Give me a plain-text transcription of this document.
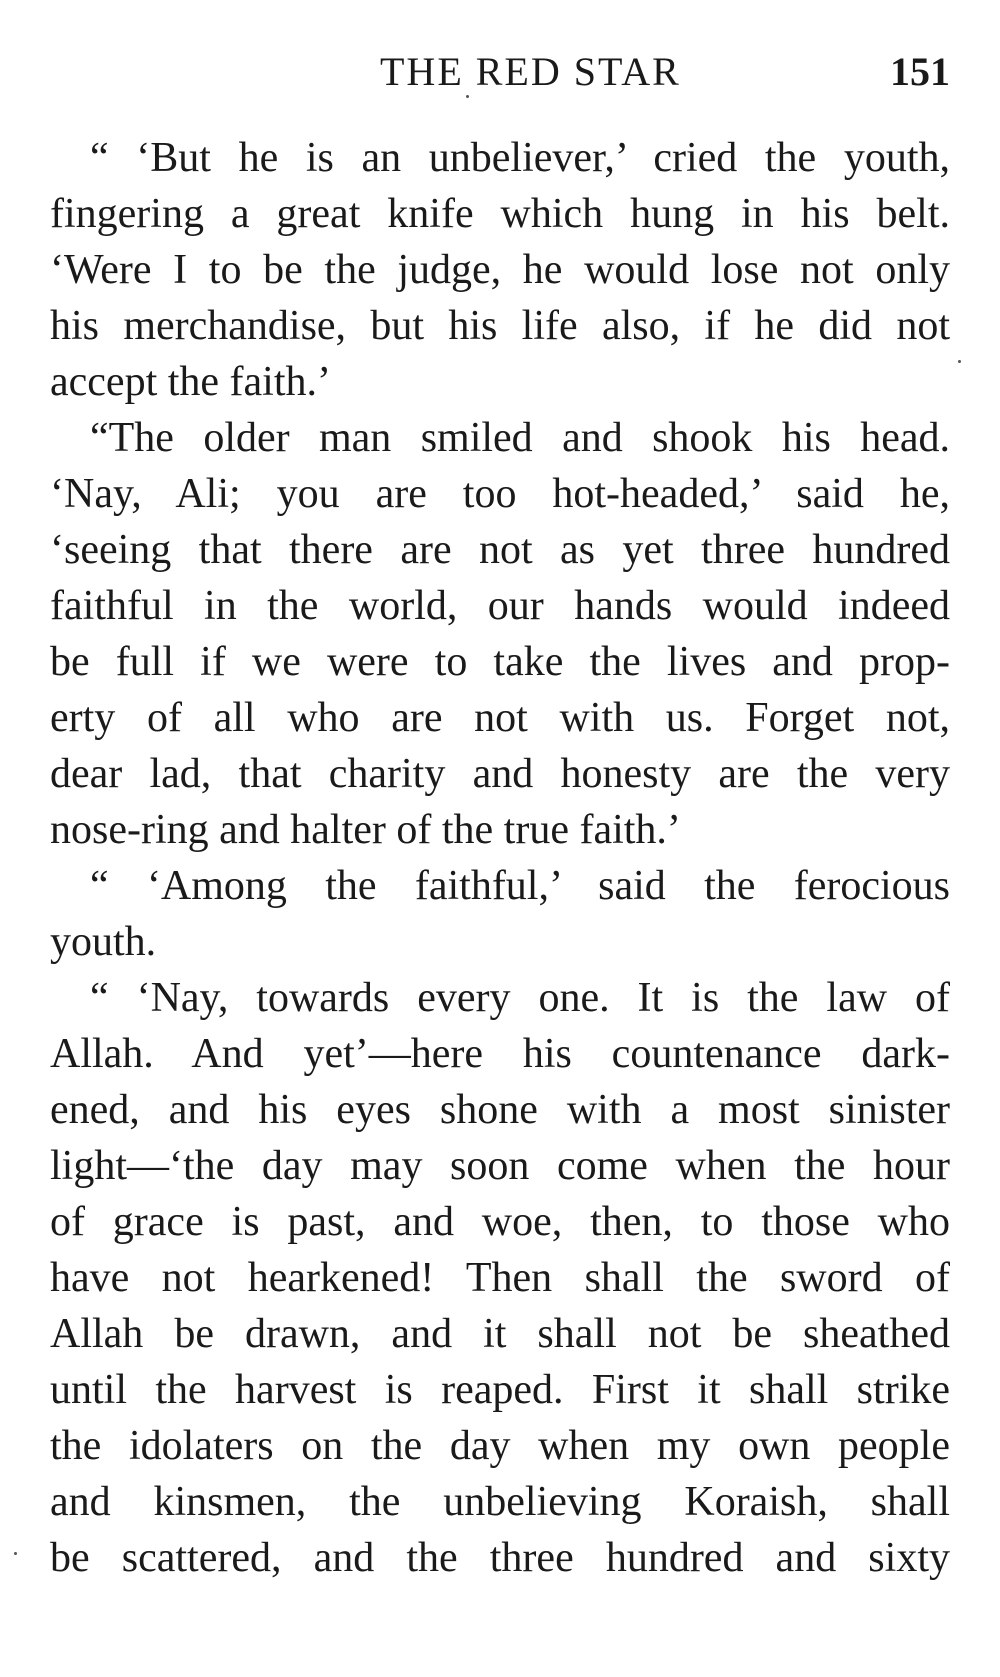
THE RED STAR	151
“ ‘But he is an unbeliever,’ cried the youth,
fingering a great knife which hung in his belt.
‘Were I to be the judge, he would lose not only
his merchandise, but his life also, if he did not
accept the faith.’
“The older man smiled and shook his head.
‘Nay, Ali; you are too hot-headed,’ said he,
‘seeing that there are not as yet three hundred
faithful in the world, our hands would indeed
be full if we were to take the lives and prop-
erty of all who are not with us. Forget not,
dear lad, that charity and honesty are the very
nose-ring and halter of the true faith.’
“ ‘Among the faithful,’ said the ferocious
youth.
“ ‘Nay, towards every one. It is the law of
Allah. And yet’—here his countenance dark-
ened, and his eyes shone with a most sinister
light—‘the day may soon come when the hour
of grace is past, and woe, then, to those who
have not hearkened! Then shall the sword of
Allah be drawn, and it shall not be sheathed
until the harvest is reaped. First it shall strike
the idolaters on the day when my own people
and kinsmen, the unbelieving Koraish, shall
be scattered, and the three hundred and sixty
